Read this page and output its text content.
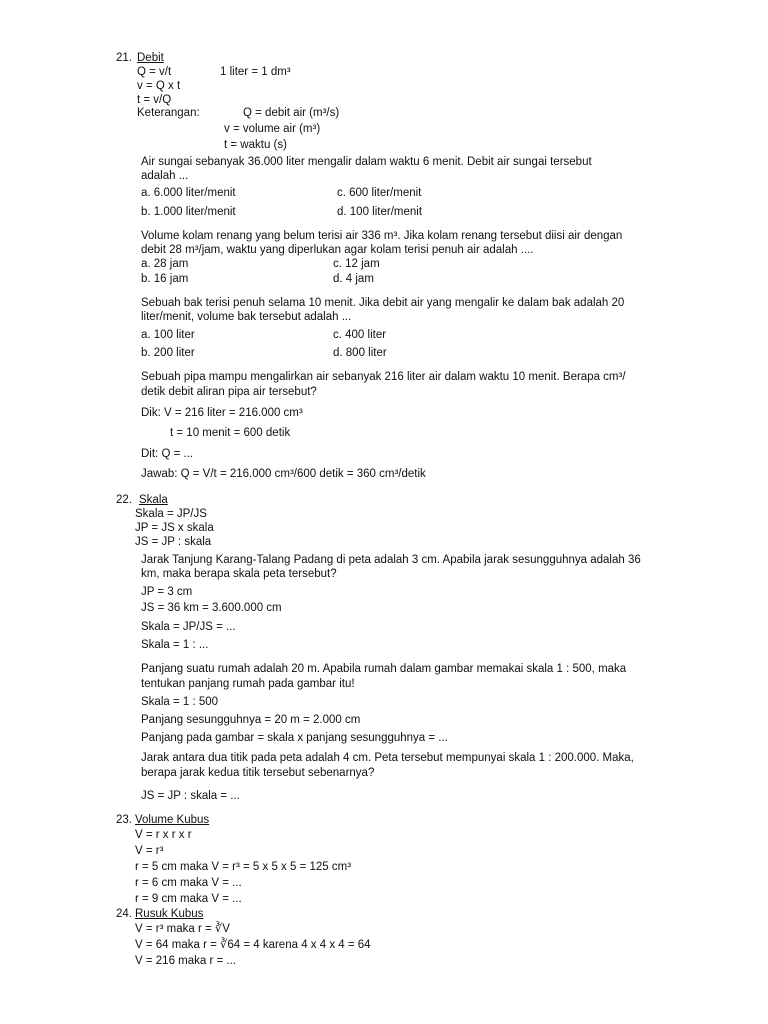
21. Debit
Q = v/t	1 liter = 1 dm³
v = Q x t
t = v/Q
Keterangan:	Q = debit air (m³/s)
v = volume air (m³)
t = waktu (s)
Air sungai sebanyak 36.000 liter mengalir dalam waktu 6 menit. Debit air sungai tersebut
adalah ...
a. 6.000 liter/menit	c. 600 liter/menit
b. 1.000 liter/menit	d. 100 liter/menit
Volume kolam renang yang belum terisi air 336 m³. Jika kolam renang tersebut diisi air dengan
debit 28 m³/jam, waktu yang diperlukan agar kolam terisi penuh air adalah ....
a. 28 jam	c. 12 jam
b. 16 jam	d. 4 jam
Sebuah bak terisi penuh selama 10 menit. Jika debit air yang mengalir ke dalam bak adalah 20
liter/menit, volume bak tersebut adalah ...
a. 100 liter	c. 400 liter
b. 200 liter	d. 800 liter
Sebuah pipa mampu mengalirkan air sebanyak 216 liter air dalam waktu 10 menit. Berapa cm³/
detik debit aliran pipa air tersebut?
Dik: V = 216 liter = 216.000 cm³
t = 10 menit = 600 detik
Dit: Q = ...
Jawab: Q = V/t = 216.000 cm³/600 detik = 360 cm³/detik
22. Skala
Skala = JP/JS
JP = JS x skala
JS = JP : skala
Jarak Tanjung Karang-Talang Padang di peta adalah 3 cm. Apabila jarak sesungguhnya adalah 36
km, maka berapa skala peta tersebut?
JP = 3 cm
JS = 36 km = 3.600.000 cm
Skala = JP/JS = ...
Skala = 1 : ...
Panjang suatu rumah adalah 20 m. Apabila rumah dalam gambar memakai skala 1 : 500, maka
tentukan panjang rumah pada gambar itu!
Skala = 1 : 500
Panjang sesungguhnya = 20 m = 2.000 cm
Panjang pada gambar = skala x panjang sesungguhnya = ...
Jarak antara dua titik pada peta adalah 4 cm. Peta tersebut mempunyai skala 1 : 200.000. Maka,
berapa jarak kedua titik tersebut sebenarnya?
JS = JP : skala = ...
23. Volume Kubus
V = r x r x r
V = r³
r = 5 cm maka V = r³ = 5 x 5 x 5 = 125 cm³
r = 6 cm maka V = ...
r = 9 cm maka V = ...
24. Rusuk Kubus
V = r³ maka r = ∛V
V = 64 maka r = ∛64 = 4 karena 4 x 4 x 4 = 64
V = 216 maka r = ...
